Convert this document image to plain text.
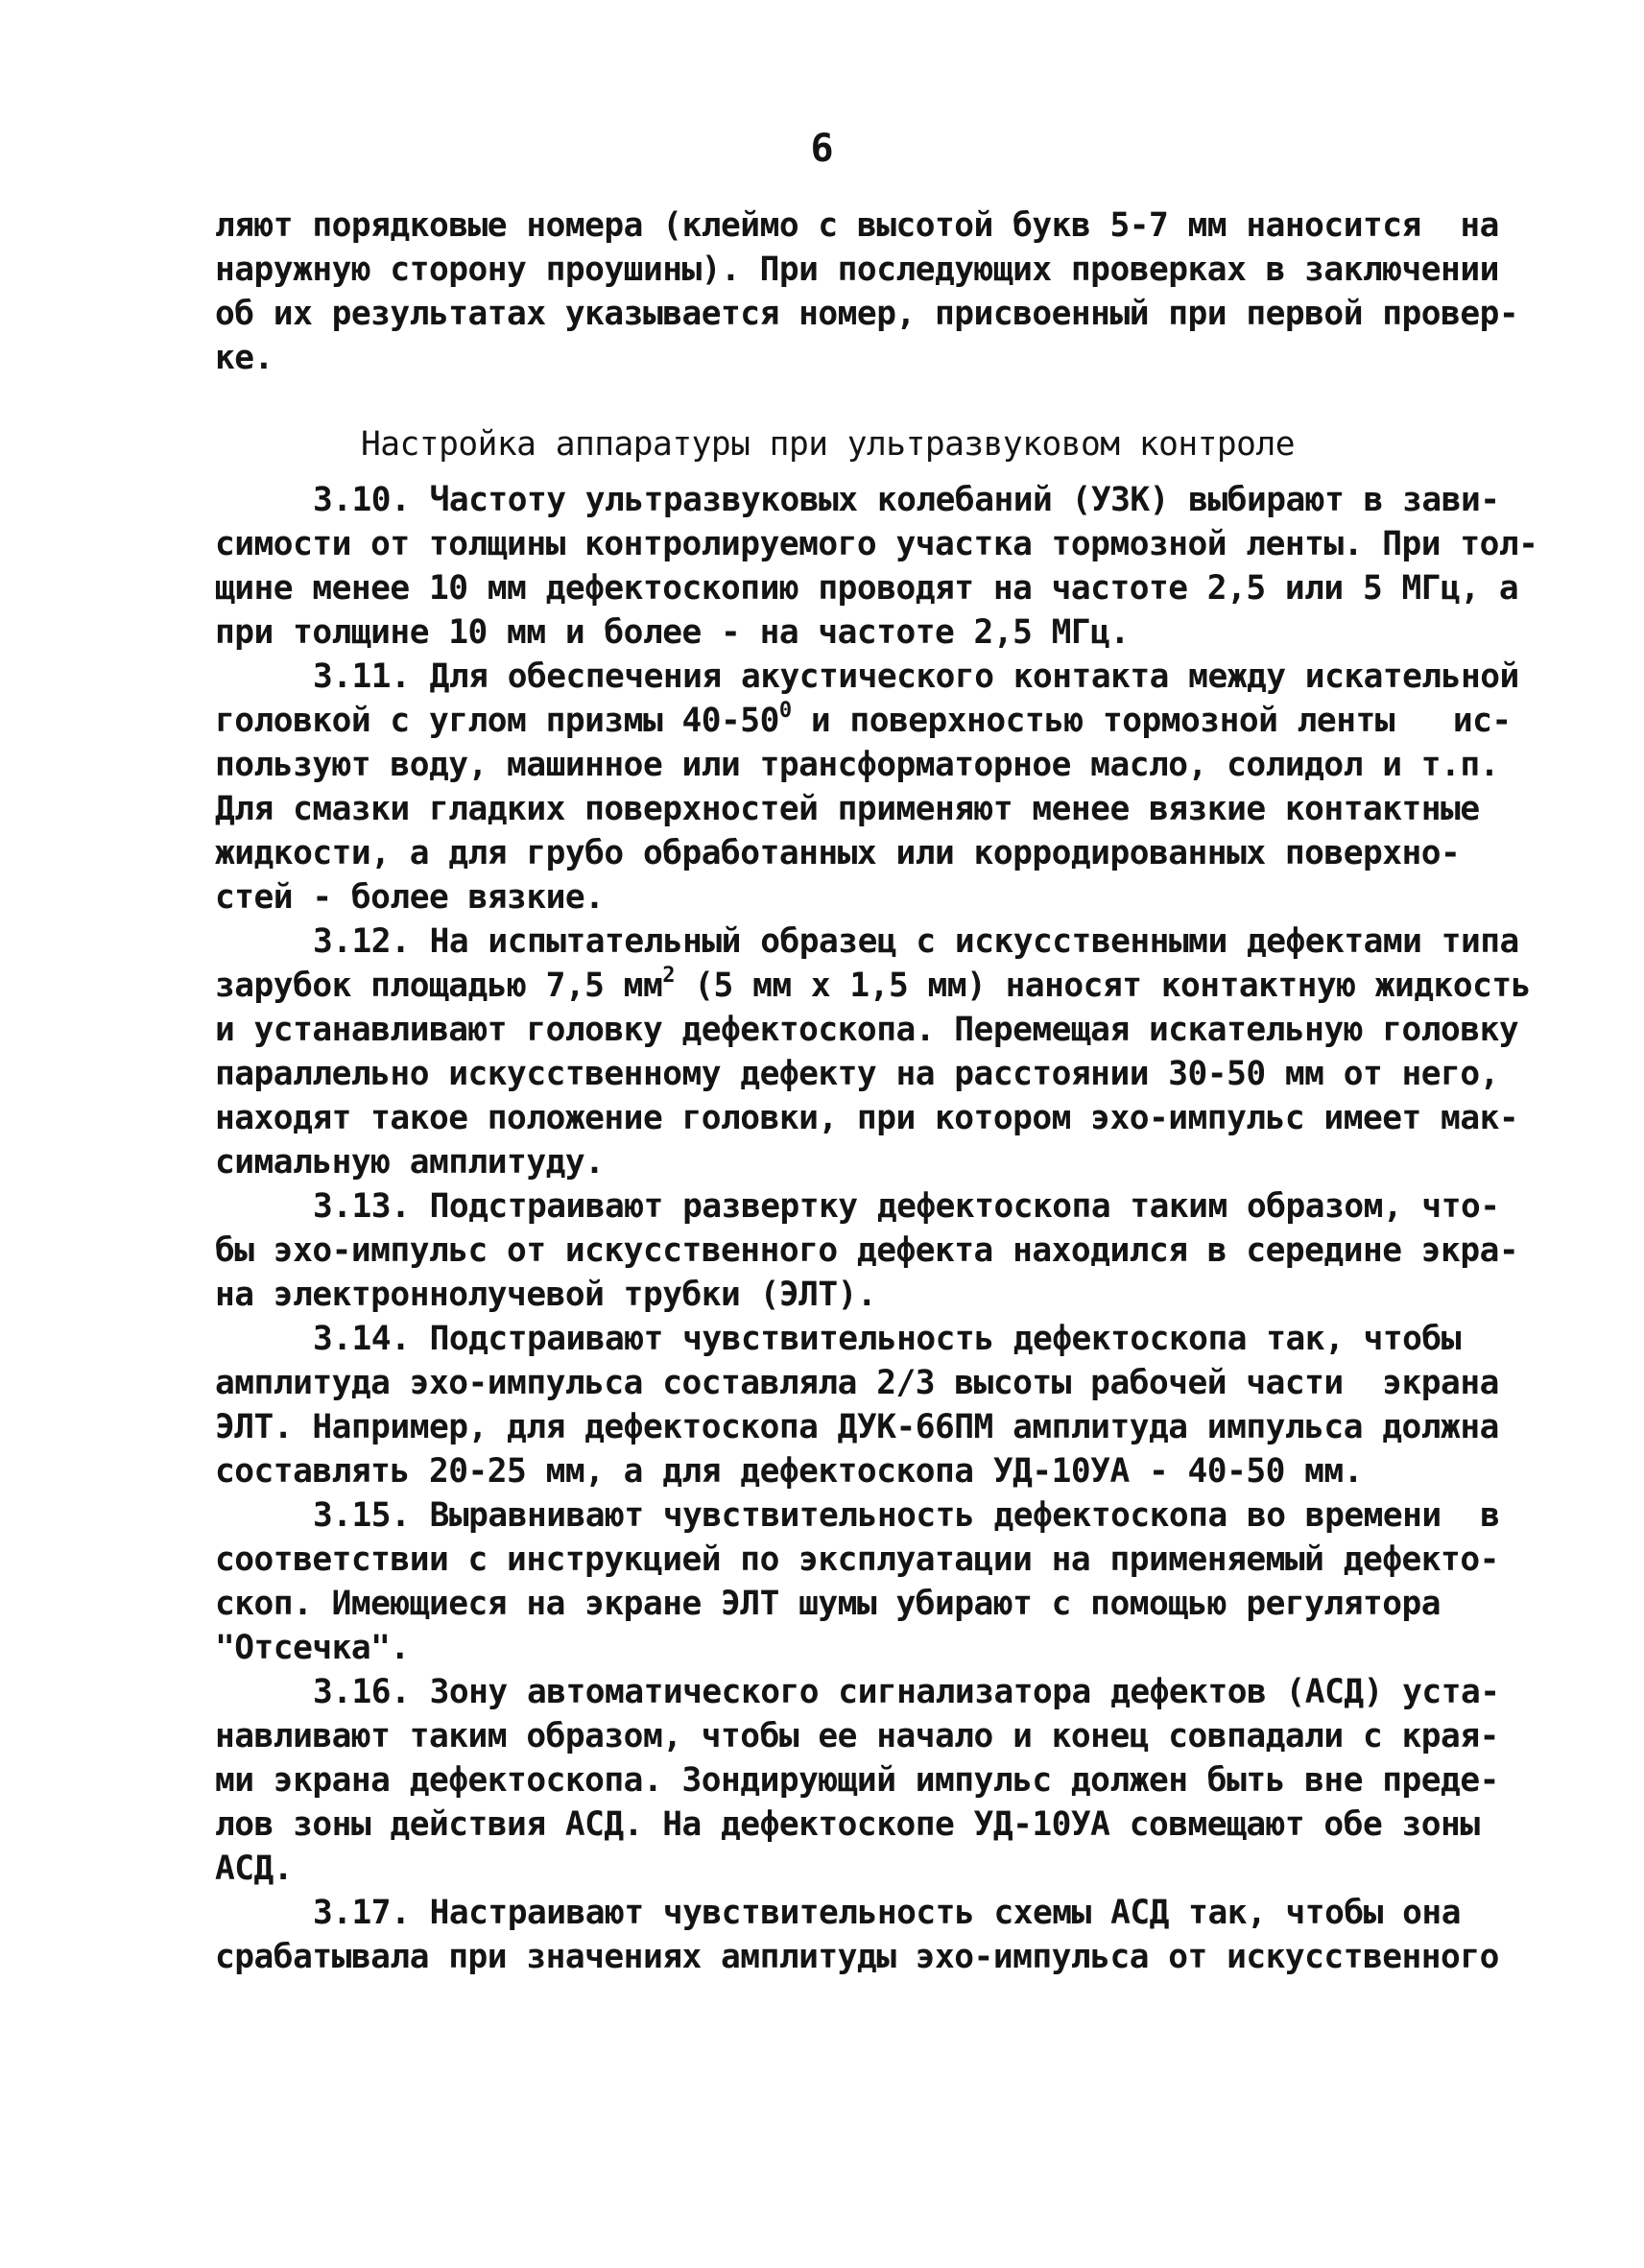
6
ляют порядковые номера (клеймо с высотой букв 5-7 мм наносится  на
наружную сторону проушины). При последующих проверках в заключении
об их результатах указывается номер, присвоенный при первой провер-
ке.
Настройка аппаратуры при ультразвуковом контроле
3.10. Частоту ультразвуковых колебаний (УЗК) выбирают в зави-
симости от толщины контролируемого участка тормозной ленты. При тол-
щине менее 10 мм дефектоскопию проводят на частоте 2,5 или 5 МГц, а
при толщине 10 мм и более - на частоте 2,5 МГц.
3.11. Для обеспечения акустического контакта между искательной
головкой с углом призмы $40-50^0$ и поверхностью тормозной ленты   ис-
пользуют воду, машинное или трансформаторное масло, солидол и т.п.
Для смазки гладких поверхностей применяют менее вязкие контактные
жидкости, а для грубо обработанных или корродированных поверхно-
стей - более вязкие.
3.12. На испытательный образец с искусственными дефектами типа
зарубок площадью 7,5 $мм^2$ (5 мм x 1,5 мм) наносят контактную жидкость
и устанавливают головку дефектоскопа. Перемещая искательную головку
параллельно искусственному дефекту на расстоянии 30-50 мм от него,
находят такое положение головки, при котором эхо-импульс имеет мак-
симальную амплитуду.
3.13. Подстраивают развертку дефектоскопа таким образом, что-
бы эхо-импульс от искусственного дефекта находился в середине экра-
на электроннолучевой трубки (ЭЛТ).
3.14. Подстраивают чувствительность дефектоскопа так, чтобы
амплитуда эхо-импульса составляла 2/3 высоты рабочей части  экрана
ЭЛТ. Например, для дефектоскопа ДУК-66ПМ амплитуда импульса должна
составлять 20-25 мм, а для дефектоскопа УД-10УА - 40-50 мм.
3.15. Выравнивают чувствительность дефектоскопа во времени  в
соответствии с инструкцией по эксплуатации на применяемый дефекто-
скоп. Имеющиеся на экране ЭЛТ шумы убирают с помощью регулятора
"Отсечка".
3.16. Зону автоматического сигнализатора дефектов (АСД) уста-
навливают таким образом, чтобы ее начало и конец совпадали с края-
ми экрана дефектоскопа. Зондирующий импульс должен быть вне преде-
лов зоны действия АСД. На дефектоскопе УД-10УА совмещают обе зоны
АСД.
3.17. Настраивают чувствительность схемы АСД так, чтобы она
срабатывала при значениях амплитуды эхо-импульса от искусственного
